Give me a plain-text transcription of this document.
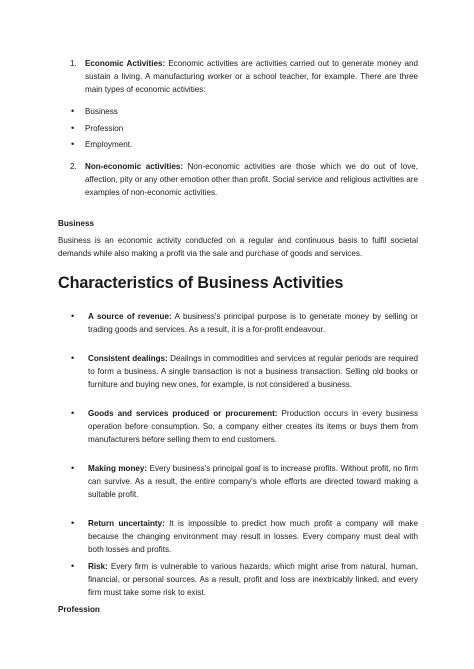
1.	Economic Activities: Economic activities are activities carried out to generate money and sustain a living. A manufacturing worker or a school teacher, for example. There are three main types of economic activities:
• Business
• Profession
• Employment.
2.	Non-economic activities: Non-economic activities are those which we do out of love, affection, pity or any other emotion other than profit. Social service and religious activities are examples of non-economic activities.
Business
Business is an economic activity conducted on a regular and continuous basis to fulfil societal demands while also making a profit via the sale and purchase of goods and services.
Characteristics of Business Activities
• A source of revenue: A business's principal purpose is to generate money by selling or trading goods and services. As a result, it is a for-profit endeavour.
• Consistent dealings: Dealings in commodities and services at regular periods are required to form a business. A single transaction is not a business transaction. Selling old books or furniture and buying new ones, for example, is not considered a business.
• Goods and services produced or procurement: Production occurs in every business operation before consumption. So, a company either creates its items or buys them from manufacturers before selling them to end customers.
• Making money: Every business's principal goal is to increase profits. Without profit, no firm can survive. As a result, the entire company's whole efforts are directed toward making a suitable profit.
• Return uncertainty: It is impossible to predict how much profit a company will make because the changing environment may result in losses. Every company must deal with both losses and profits.
• Risk: Every firm is vulnerable to various hazards, which might arise from natural, human, financial, or personal sources. As a result, profit and loss are inextricably linked, and every firm must take some risk to exist.
Profession
